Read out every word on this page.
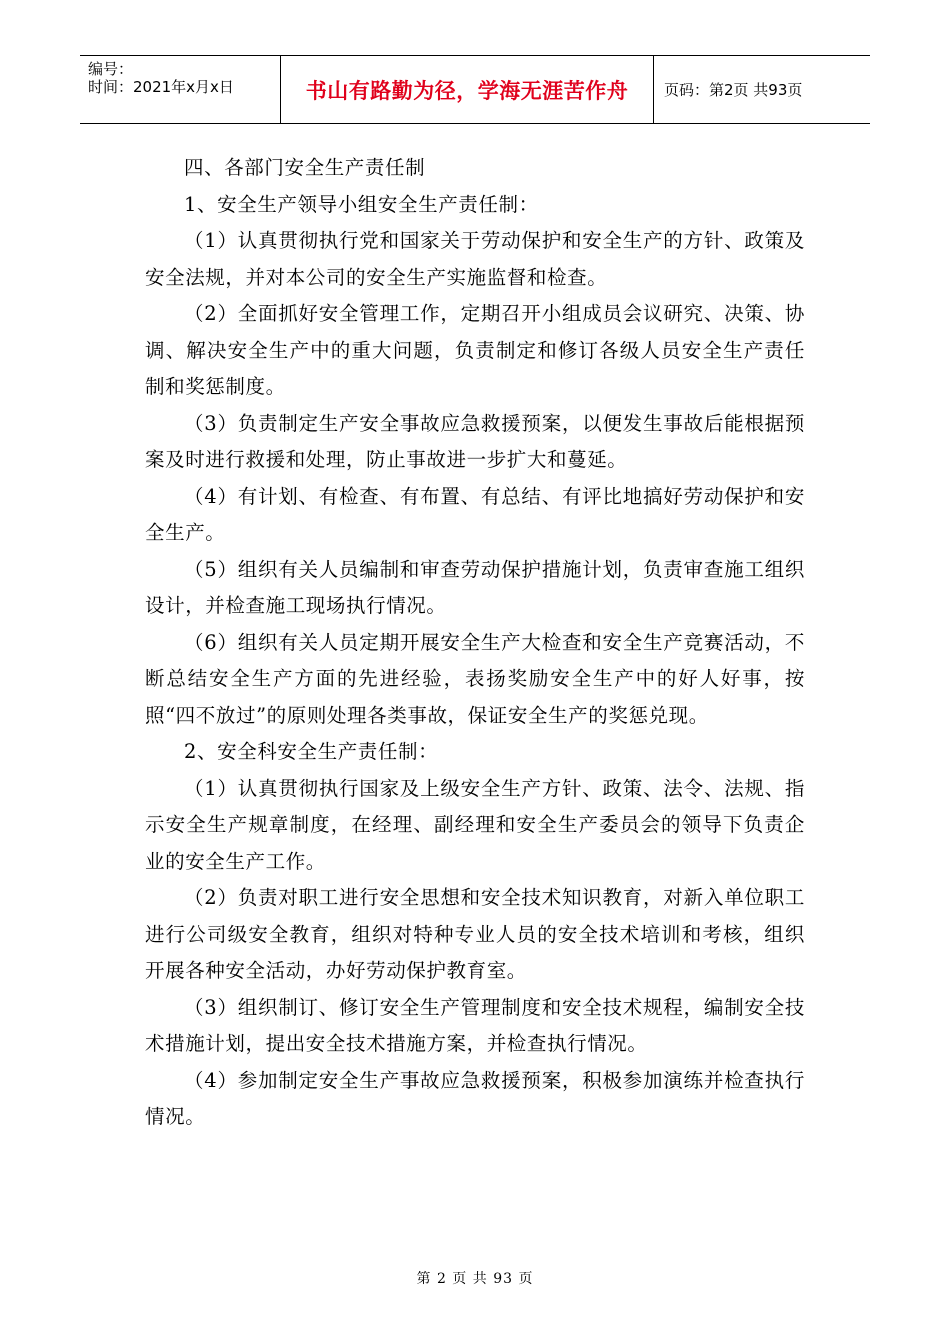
编号：
时间：2021年x月x日	书山有路勤为径，学海无涯苦作舟	页码：第2页 共93页

四、各部门安全生产责任制

1、安全生产领导小组安全生产责任制：

（1）认真贯彻执行党和国家关于劳动保护和安全生产的方针、政策及安全法规，并对本公司的安全生产实施监督和检查。

（2）全面抓好安全管理工作，定期召开小组成员会议研究、决策、协调、解决安全生产中的重大问题，负责制定和修订各级人员安全生产责任制和奖惩制度。

（3）负责制定生产安全事故应急救援预案，以便发生事故后能根据预案及时进行救援和处理，防止事故进一步扩大和蔓延。

（4）有计划、有检查、有布置、有总结、有评比地搞好劳动保护和安全生产。

（5）组织有关人员编制和审查劳动保护措施计划，负责审查施工组织设计，并检查施工现场执行情况。

（6）组织有关人员定期开展安全生产大检查和安全生产竞赛活动，不断总结安全生产方面的先进经验，表扬奖励安全生产中的好人好事，按照“四不放过”的原则处理各类事故，保证安全生产的奖惩兑现。

2、安全科安全生产责任制：

（1）认真贯彻执行国家及上级安全生产方针、政策、法令、法规、指示安全生产规章制度，在经理、副经理和安全生产委员会的领导下负责企业的安全生产工作。

（2）负责对职工进行安全思想和安全技术知识教育，对新入单位职工进行公司级安全教育，组织对特种专业人员的安全技术培训和考核，组织开展各种安全活动，办好劳动保护教育室。

（3）组织制订、修订安全生产管理制度和安全技术规程，编制安全技术措施计划，提出安全技术措施方案，并检查执行情况。

（4）参加制定安全生产事故应急救援预案，积极参加演练并检查执行情况。

第 2 页 共 93 页
